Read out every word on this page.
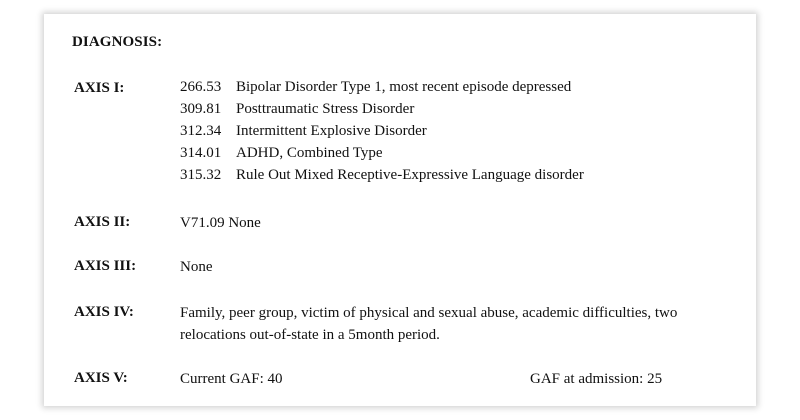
DIAGNOSIS:
AXIS I:	266.53 Bipolar Disorder Type 1, most recent episode depressed
309.81 Posttraumatic Stress Disorder
312.34 Intermittent Explosive Disorder
314.01 ADHD, Combined Type
315.32 Rule Out Mixed Receptive-Expressive Language disorder
AXIS II:	V71.09 None
AXIS III:	None
AXIS IV:	Family, peer group, victim of physical and sexual abuse, academic difficulties, two
relocations out-of-state in a 5month period.
AXIS V:	Current GAF: 40	GAF at admission: 25
